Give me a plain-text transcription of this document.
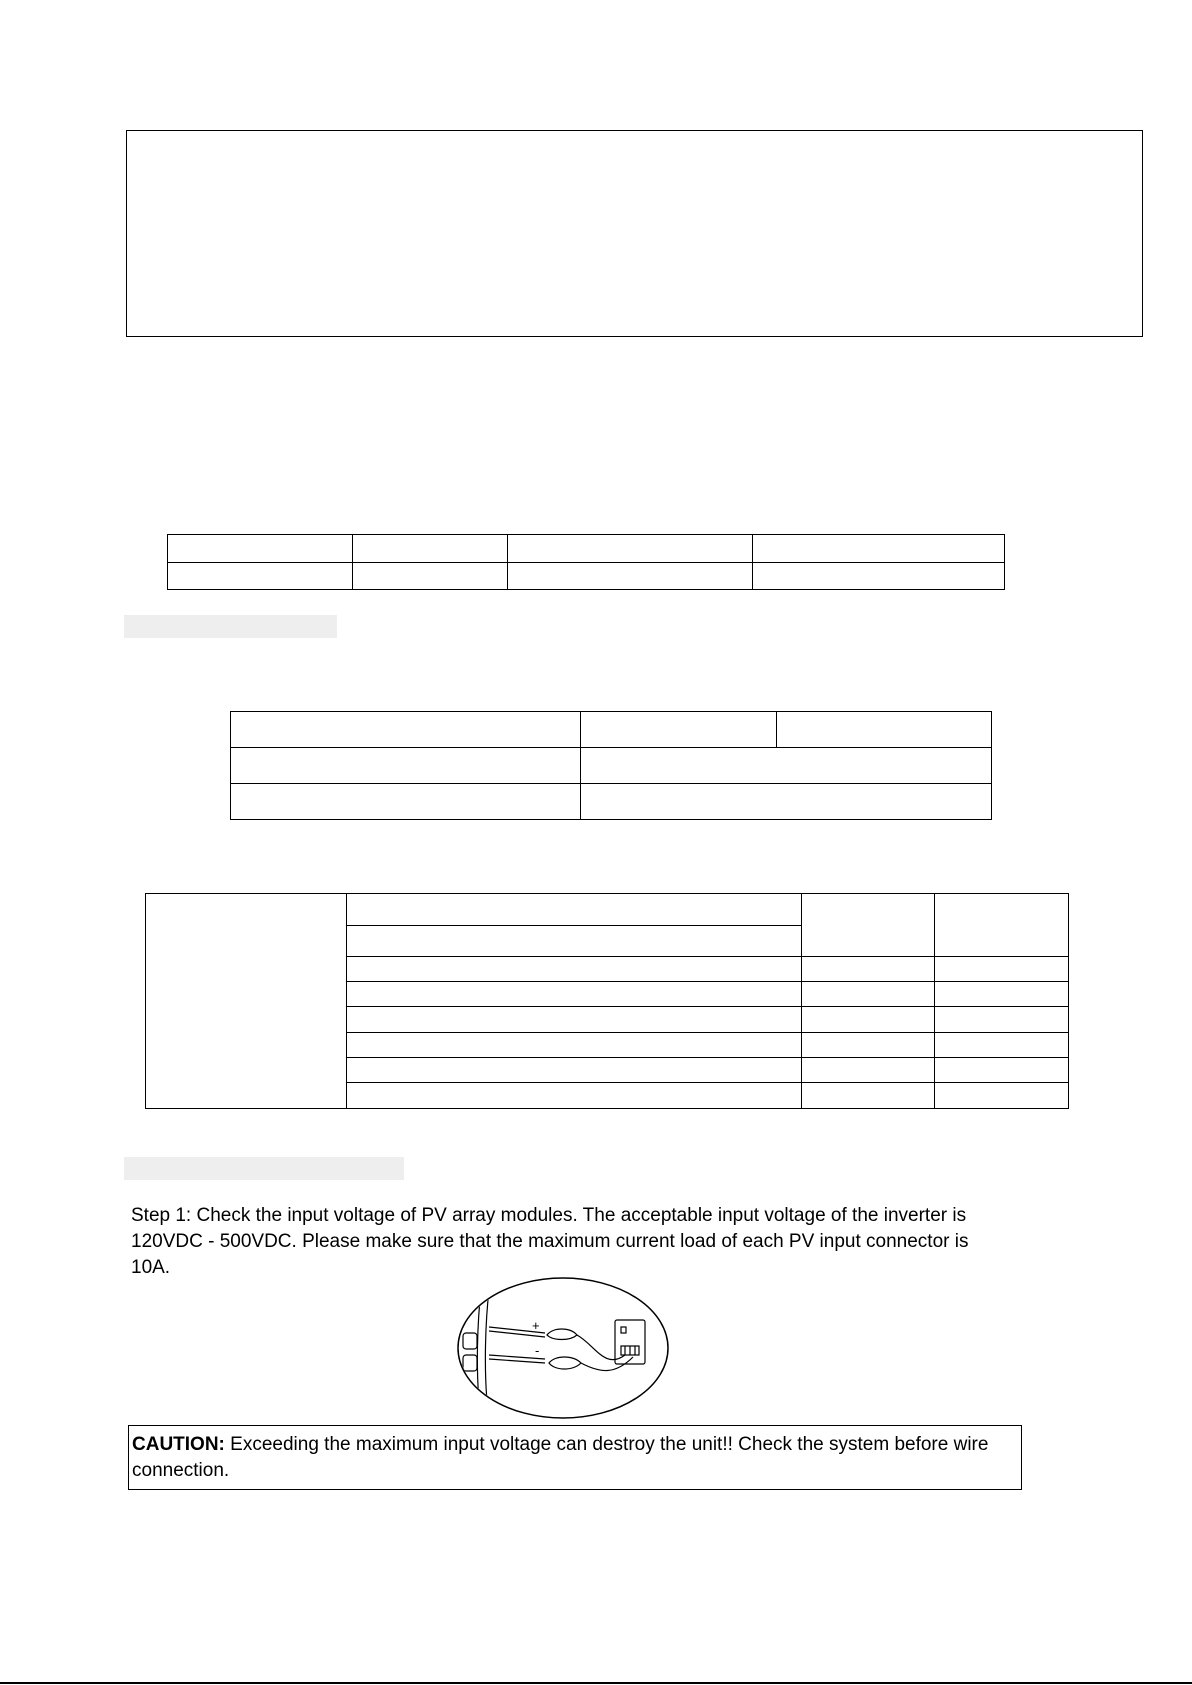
Step 1: Check the input voltage of PV array modules. The acceptable input voltage of the inverter is 120VDC - 500VDC. Please make sure that the maximum current load of each PV input connector is 10A.
+
-
CAUTION: Exceeding the maximum input voltage can destroy the unit!! Check the system before wire connection.
